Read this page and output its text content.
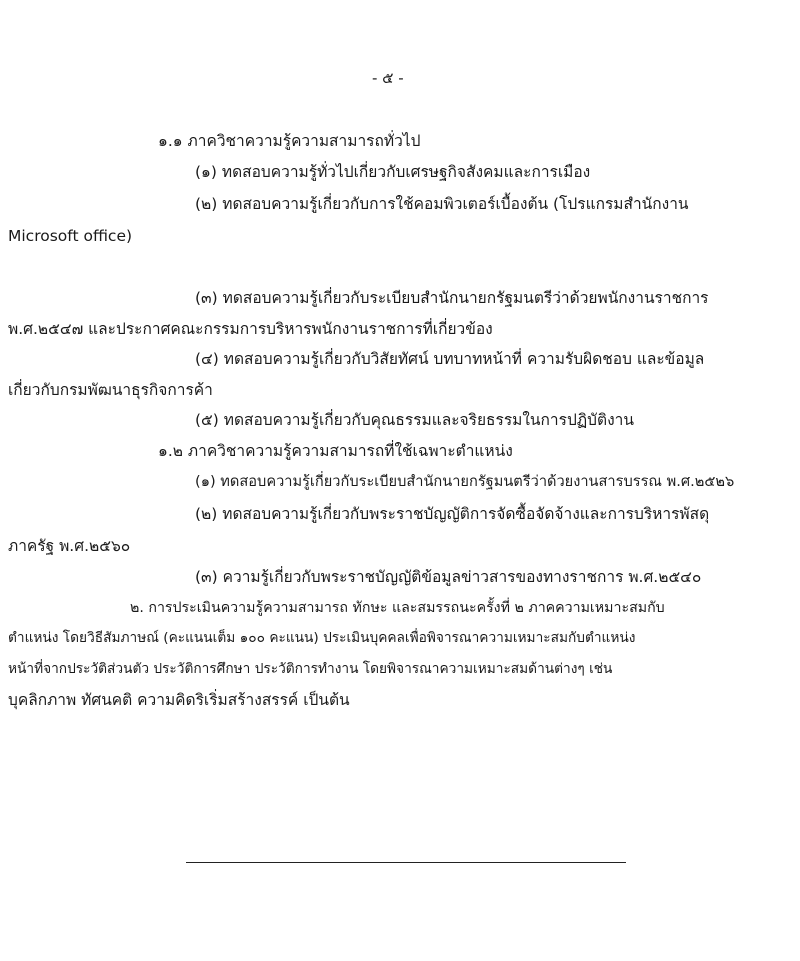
- ๕ -
๑.๑ ภาควิชาความรู้ความสามารถทั่วไป
(๑) ทดสอบความรู้ทั่วไปเกี่ยวกับเศรษฐกิจสังคมและการเมือง
(๒) ทดสอบความรู้เกี่ยวกับการใช้คอมพิวเตอร์เบื้องต้น (โปรแกรมสำนักงาน
Microsoft office)
(๓) ทดสอบความรู้เกี่ยวกับระเบียบสำนักนายกรัฐมนตรีว่าด้วยพนักงานราชการ
พ.ศ.๒๕๔๗ และประกาศคณะกรรมการบริหารพนักงานราชการที่เกี่ยวข้อง
(๔) ทดสอบความรู้เกี่ยวกับวิสัยทัศน์ บทบาทหน้าที่ ความรับผิดชอบ และข้อมูล
เกี่ยวกับกรมพัฒนาธุรกิจการค้า
(๕) ทดสอบความรู้เกี่ยวกับคุณธรรมและจริยธรรมในการปฏิบัติงาน
๑.๒ ภาควิชาความรู้ความสามารถที่ใช้เฉพาะตำแหน่ง
(๑) ทดสอบความรู้เกี่ยวกับระเบียบสำนักนายกรัฐมนตรีว่าด้วยงานสารบรรณ พ.ศ.๒๕๒๖
(๒) ทดสอบความรู้เกี่ยวกับพระราชบัญญัติการจัดซื้อจัดจ้างและการบริหารพัสดุ
ภาครัฐ พ.ศ.๒๕๖๐
(๓) ความรู้เกี่ยวกับพระราชบัญญัติข้อมูลข่าวสารของทางราชการ พ.ศ.๒๕๔๐
๒. การประเมินความรู้ความสามารถ ทักษะ และสมรรถนะครั้งที่ ๒ ภาคความเหมาะสมกับ
ตำแหน่ง โดยวิธีสัมภาษณ์ (คะแนนเต็ม ๑๐๐ คะแนน) ประเมินบุคคลเพื่อพิจารณาความเหมาะสมกับตำแหน่ง
หน้าที่จากประวัติส่วนตัว ประวัติการศึกษา ประวัติการทำงาน โดยพิจารณาความเหมาะสมด้านต่างๆ เช่น
บุคลิกภาพ ทัศนคติ ความคิดริเริ่มสร้างสรรค์ เป็นต้น
